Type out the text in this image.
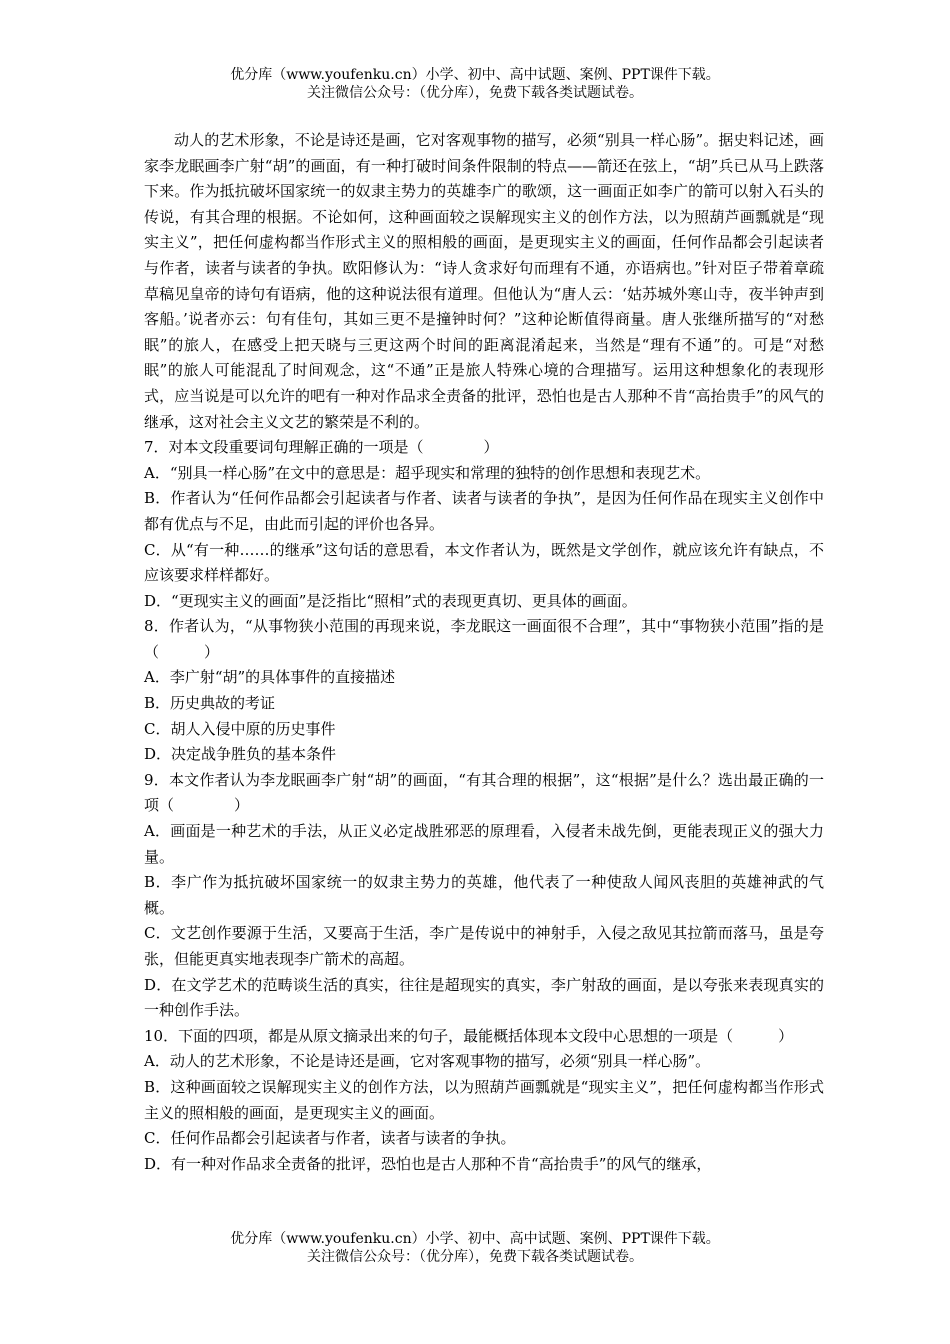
优分库（www.youfenku.cn）小学、初中、高中试题、案例、PPT课件下载。
关注微信公众号：（优分库），免费下载各类试题试卷。

动人的艺术形象，不论是诗还是画，它对客观事物的描写，必须“别具一样心肠”。据史料记述，画家李龙眠画李广射“胡”的画面，有一种打破时间条件限制的特点——箭还在弦上，“胡”兵已从马上跌落下来。作为抵抗破坏国家统一的奴隶主势力的英雄李广的歌颂，这一画面正如李广的箭可以射入石头的传说，有其合理的根据。不论如何，这种画面较之误解现实主义的创作方法，以为照葫芦画瓢就是“现实主义”，把任何虚构都当作形式主义的照相般的画面，是更现实主义的画面，任何作品都会引起读者与作者，读者与读者的争执。欧阳修认为：“诗人贪求好句而理有不通，亦语病也。”针对臣子带着章疏草稿见皇帝的诗句有语病，他的这种说法很有道理。但他认为“唐人云：‘姑苏城外寒山寺，夜半钟声到客船。’说者亦云：句有佳句，其如三更不是撞钟时何？”这种论断值得商量。唐人张继所描写的“对愁眠”的旅人，在感受上把天晓与三更这两个时间的距离混淆起来，当然是“理有不通”的。可是“对愁眠”的旅人可能混乱了时间观念，这“不通”正是旅人特殊心境的合理描写。运用这种想象化的表现形式，应当说是可以允许的吧有一种对作品求全责备的批评，恐怕也是古人那种不肯“高抬贵手”的风气的继承，这对社会主义文艺的繁荣是不利的。

7．对本文段重要词句理解正确的一项是（　　　　）

A．“别具一样心肠”在文中的意思是：超乎现实和常理的独特的创作思想和表现艺术。

B．作者认为“任何作品都会引起读者与作者、读者与读者的争执”，是因为任何作品在现实主义创作中都有优点与不足，由此而引起的评价也各异。

C．从“有一种……的继承”这句话的意思看，本文作者认为，既然是文学创作，就应该允许有缺点，不应该要求样样都好。

D．“更现实主义的画面”是泛指比“照相”式的表现更真切、更具体的画面。

8．作者认为，“从事物狭小范围的再现来说，李龙眠这一画面很不合理”，其中“事物狭小范围”指的是（　　　）

A．李广射“胡”的具体事件的直接描述

B．历史典故的考证

C．胡人入侵中原的历史事件

D．决定战争胜负的基本条件

9．本文作者认为李龙眠画李广射“胡”的画面，“有其合理的根据”，这“根据”是什么？选出最正确的一项（　　　　）

A．画面是一种艺术的手法，从正义必定战胜邪恶的原理看，入侵者未战先倒，更能表现正义的强大力量。

B．李广作为抵抗破坏国家统一的奴隶主势力的英雄，他代表了一种使敌人闻风丧胆的英雄神武的气概。

C．文艺创作要源于生活，又要高于生活，李广是传说中的神射手，入侵之敌见其拉箭而落马，虽是夸张，但能更真实地表现李广箭术的高超。

D．在文学艺术的范畴谈生活的真实，往往是超现实的真实，李广射敌的画面，是以夸张来表现真实的一种创作手法。

10．下面的四项，都是从原文摘录出来的句子，最能概括体现本文段中心思想的一项是（　　　）

A．动人的艺术形象，不论是诗还是画，它对客观事物的描写，必须“别具一样心肠”。

B．这种画面较之误解现实主义的创作方法，以为照葫芦画瓢就是“现实主义”，把任何虚构都当作形式主义的照相般的画面，是更现实主义的画面。

C．任何作品都会引起读者与作者，读者与读者的争执。

D．有一种对作品求全责备的批评，恐怕也是古人那种不肯“高抬贵手”的风气的继承，

优分库（www.youfenku.cn）小学、初中、高中试题、案例、PPT课件下载。
关注微信公众号：（优分库），免费下载各类试题试卷。
